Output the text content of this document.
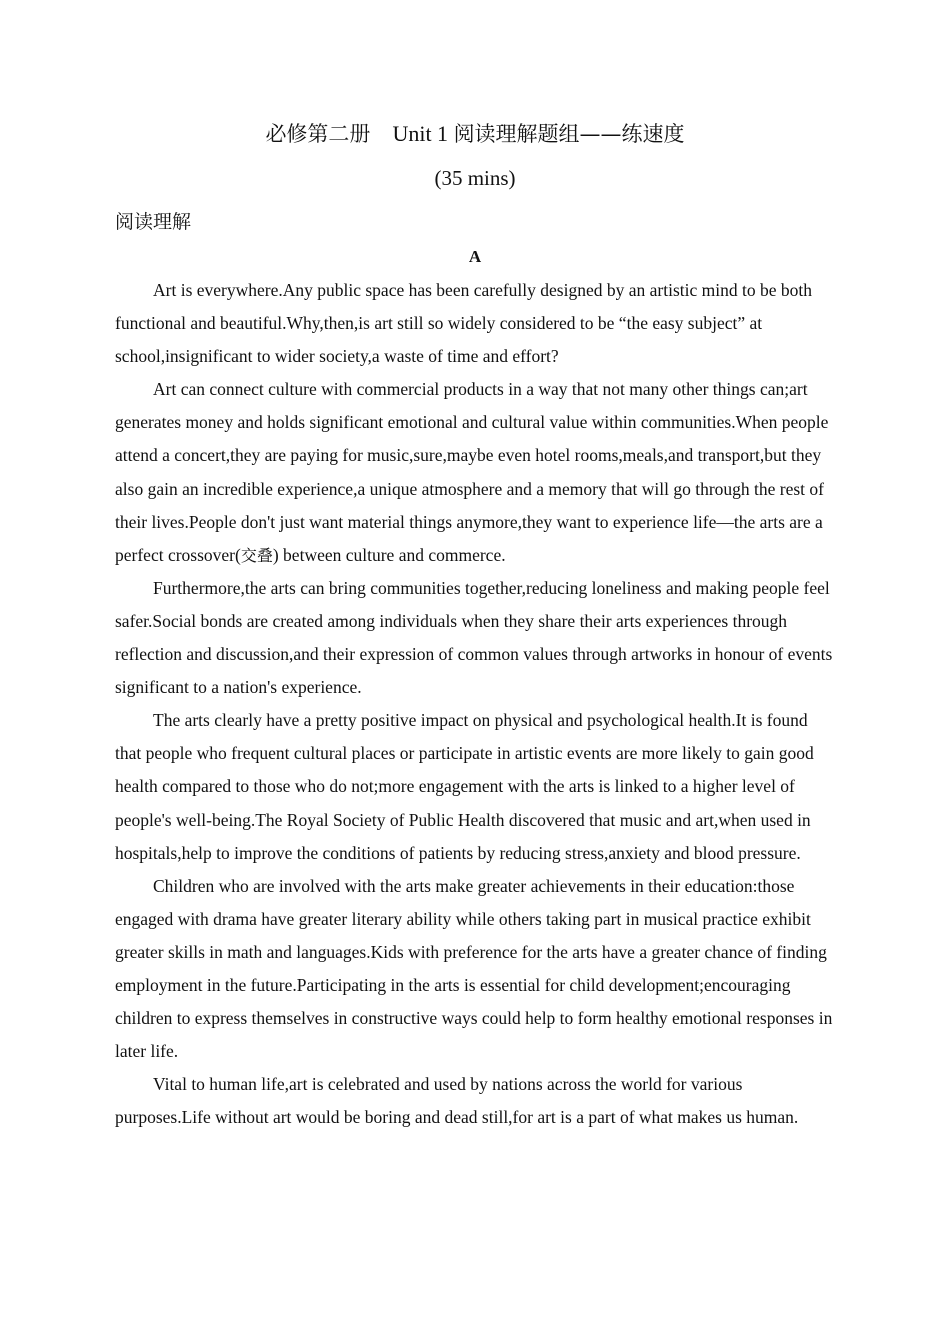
必修第二册 Unit 1 阅读理解题组——练速度

(35 mins)

阅读理解

A

Art is everywhere.Any public space has been carefully designed by an artistic mind to be both functional and beautiful.Why,then,is art still so widely considered to be “the easy subject” at school,insignificant to wider society,a waste of time and effort?

Art can connect culture with commercial products in a way that not many other things can;art generates money and holds significant emotional and cultural value within communities.When people attend a concert,they are paying for music,sure,maybe even hotel rooms,meals,and transport,but they also gain an incredible experience,a unique atmosphere and a memory that will go through the rest of their lives.People don't just want material things anymore,they want to experience life—the arts are a perfect crossover(交叠) between culture and commerce.

Furthermore,the arts can bring communities together,reducing loneliness and making people feel safer.Social bonds are created among individuals when they share their arts experiences through reflection and discussion,and their expression of common values through artworks in honour of events significant to a nation's experience.

The arts clearly have a pretty positive impact on physical and psychological health.It is found that people who frequent cultural places or participate in artistic events are more likely to gain good health compared to those who do not;more engagement with the arts is linked to a higher level of people's well-being.The Royal Society of Public Health discovered that music and art,when used in hospitals,help to improve the conditions of patients by reducing stress,anxiety and blood pressure.

Children who are involved with the arts make greater achievements in their education:those engaged with drama have greater literary ability while others taking part in musical practice exhibit greater skills in math and languages.Kids with preference for the arts have a greater chance of finding employment in the future.Participating in the arts is essential for child development;encouraging children to express themselves in constructive ways could help to form healthy emotional responses in later life.

Vital to human life,art is celebrated and used by nations across the world for various purposes.Life without art would be boring and dead still,for art is a part of what makes us human.
